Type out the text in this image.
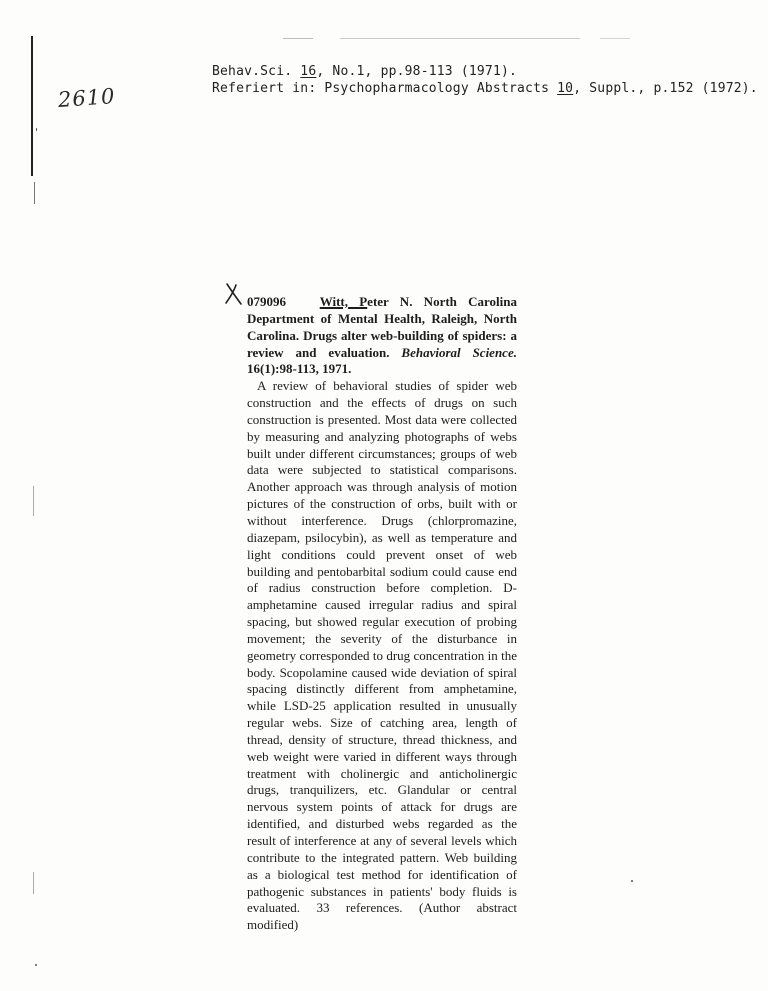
Behav.Sci. 16, No.1, pp.98-113 (1971).
Referiert in: Psychopharmacology Abstracts 10, Suppl., p.152 (1972).
2610
079096	Witt, Peter N. North Carolina Department of Mental Health, Raleigh, North Carolina. Drugs alter web-building of spiders: a review and evaluation. Behavioral Science. 16(1):98-113, 1971.
A review of behavioral studies of spider web construction and the effects of drugs on such construction is presented. Most data were collected by measuring and analyzing photographs of webs built under different circumstances; groups of web data were subjected to statistical comparisons. Another approach was through analysis of motion pictures of the construction of orbs, built with or without interference. Drugs (chlorpromazine, diazepam, psilocybin), as well as temperature and light conditions could prevent onset of web building and pentobarbital sodium could cause end of radius construction before completion. D-amphetamine caused irregular radius and spiral spacing, but showed regular execution of probing movement; the severity of the disturbance in geometry corresponded to drug concentration in the body. Scopolamine caused wide deviation of spiral spacing distinctly different from amphetamine, while LSD-25 application resulted in unusually regular webs. Size of catching area, length of thread, density of structure, thread thickness, and web weight were varied in different ways through treatment with cholinergic and anticholinergic drugs, tranquilizers, etc. Glandular or central nervous system points of attack for drugs are identified, and disturbed webs regarded as the result of interference at any of several levels which contribute to the integrated pattern. Web building as a biological test method for identification of pathogenic substances in patients' body fluids is evaluated. 33 references. (Author abstract modified)
